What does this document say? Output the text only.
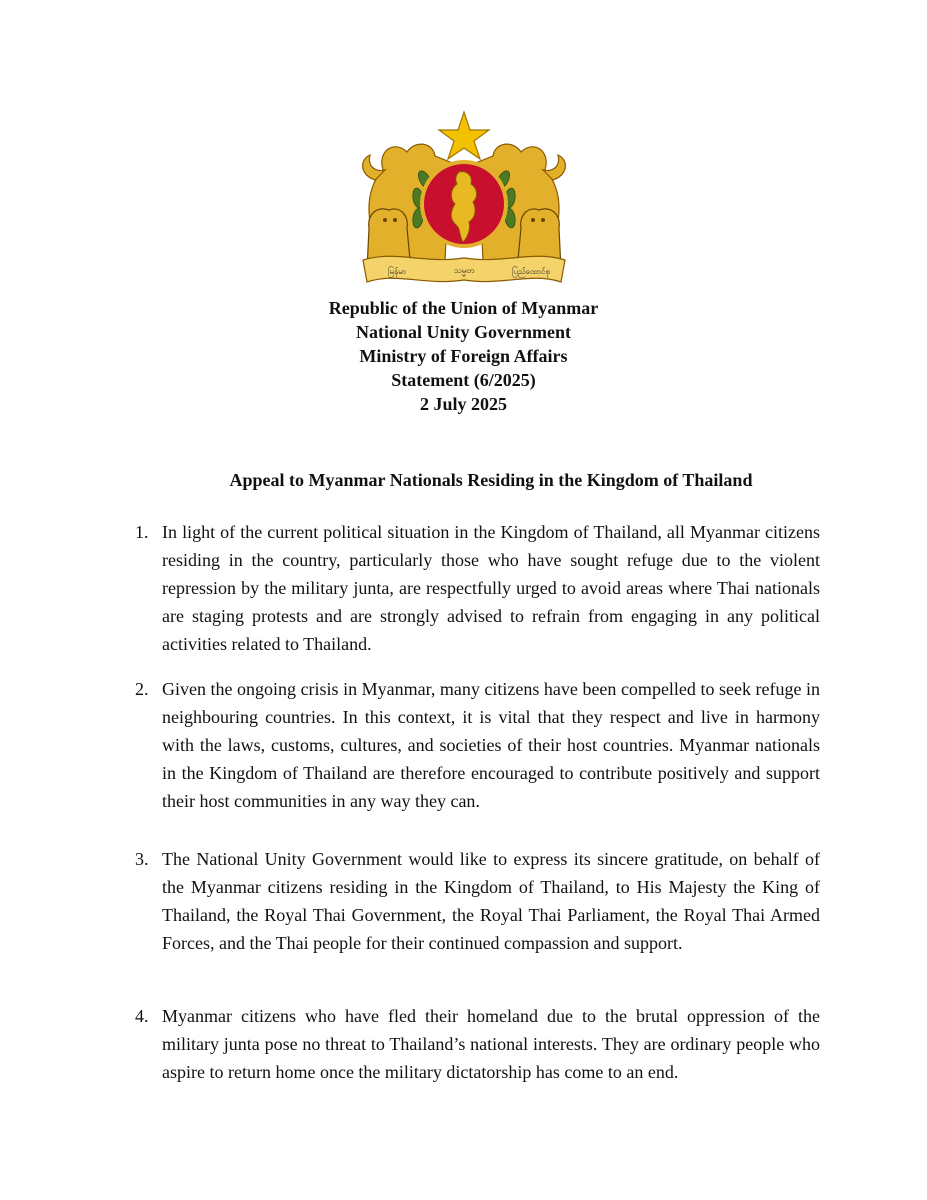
မြန်မာ	သမ္မတ	ပြည်ထောင်စု
Republic of the Union of Myanmar
National Unity Government
Ministry of Foreign Affairs
Statement (6/2025)
2 July 2025
Appeal to Myanmar Nationals Residing in the Kingdom of Thailand
1. In light of the current political situation in the Kingdom of Thailand, all Myanmar citizens residing in the country, particularly those who have sought refuge due to the violent repression by the military junta, are respectfully urged to avoid areas where Thai nationals are staging protests and are strongly advised to refrain from engaging in any political activities related to Thailand.
2. Given the ongoing crisis in Myanmar, many citizens have been compelled to seek refuge in neighbouring countries. In this context, it is vital that they respect and live in harmony with the laws, customs, cultures, and societies of their host countries. Myanmar nationals in the Kingdom of Thailand are therefore encouraged to contribute positively and support their host communities in any way they can.
3. The National Unity Government would like to express its sincere gratitude, on behalf of the Myanmar citizens residing in the Kingdom of Thailand, to His Majesty the King of Thailand, the Royal Thai Government, the Royal Thai Parliament, the Royal Thai Armed Forces, and the Thai people for their continued compassion and support.
4. Myanmar citizens who have fled their homeland due to the brutal oppression of the military junta pose no threat to Thailand’s national interests. They are ordinary people who aspire to return home once the military dictatorship has come to an end.
